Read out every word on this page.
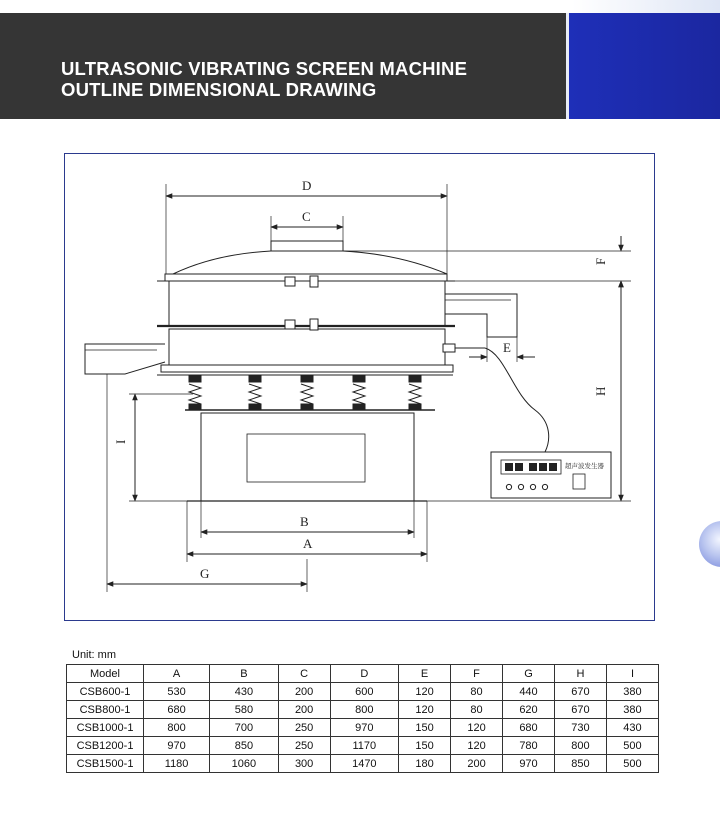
ULTRASONIC VIBRATING SCREEN MACHINE
OUTLINE DIMENSIONAL DRAWING
超声波发生器
D
C
B
A
G
E
F
H
I
Unit: mm
Model	A	B	C	D	E	F	G	H	I
CSB600-1	530	430	200	600	120	80	440	670	380
CSB800-1	680	580	200	800	120	80	620	670	380
CSB1000-1	800	700	250	970	150	120	680	730	430
CSB1200-1	970	850	250	1170	150	120	780	800	500
CSB1500-1	1180	1060	300	1470	180	200	970	850	500
